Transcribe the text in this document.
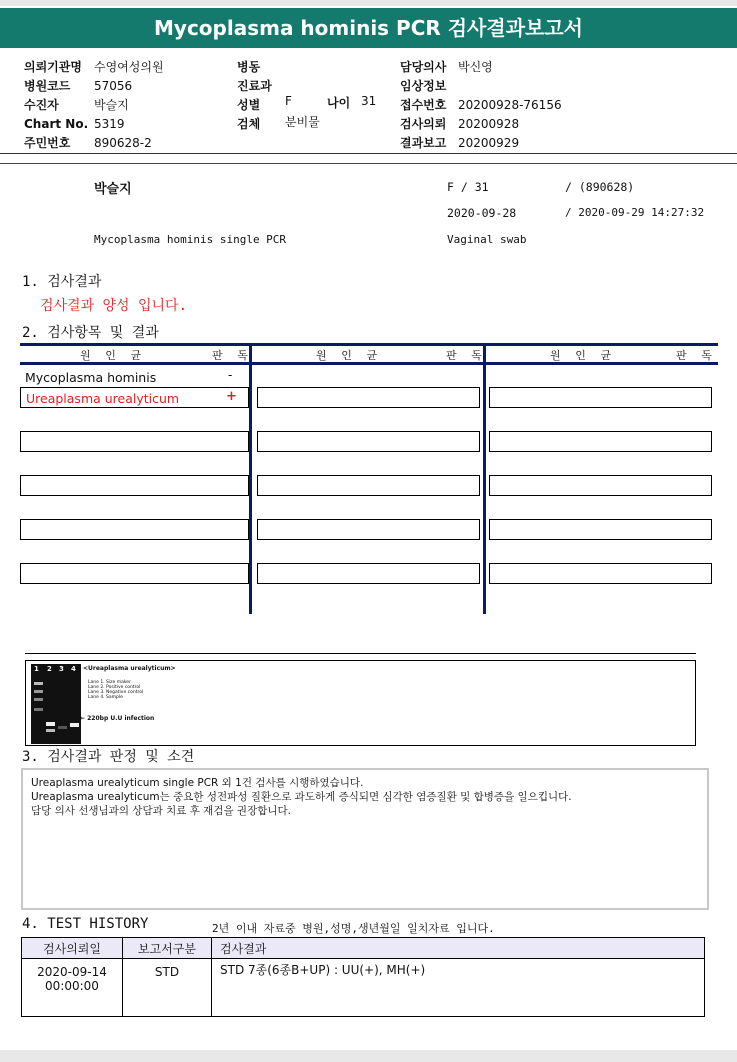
Mycoplasma hominis PCR 검사결과보고서
의뢰기관명 수영여성의원
병원코드 57056
수진자	박슬지
Chart No. 5319
주민번호 890628-2
병동
진료과
성별 F	나이 31
검체 분비물
담당의사 박신영
임상정보
접수번호 20200928-76156
검사의뢰 20200928
결과보고 20200929
박슬지	F / 31	/ (890628)
2020-09-28	/ 2020-09-29 14:27:32
Mycoplasma hominis single PCR	Vaginal swab
1. 검사결과
검사결과 양성 입니다.
2. 검사항목 및 결과
원 인 균	판 독	원 인 균	판 독	원 인 균	판 독
Mycoplasma hominis	-
Ureaplasma urealyticum	+
1 2 3 4 <Ureaplasma urealyticum>
Lane 1. Size maker
Lane 2. Positive control
Lane 3. Negative control
Lane 4. Sample
← 220bp U.U infection
3. 검사결과 판정 및 소견
Ureaplasma urealyticum single PCR 외 1건 검사를 시행하였습니다.
Ureaplasma urealyticum는 중요한 성전파성 질환으로 과도하게 증식되면 심각한 염증질환 및 합병증을 일으킵니다.
담당 의사 선생님과의 상담과 치료 후 재검을 권장합니다.
4. TEST HISTORY	2년 이내 자료중 병원,성명,생년월일 일치자료 입니다.
검사의뢰일	보고서구분	검사결과

2020-09-14
00:00:00	STD	STD 7종(6종B+UP) : UU(+), MH(+)
